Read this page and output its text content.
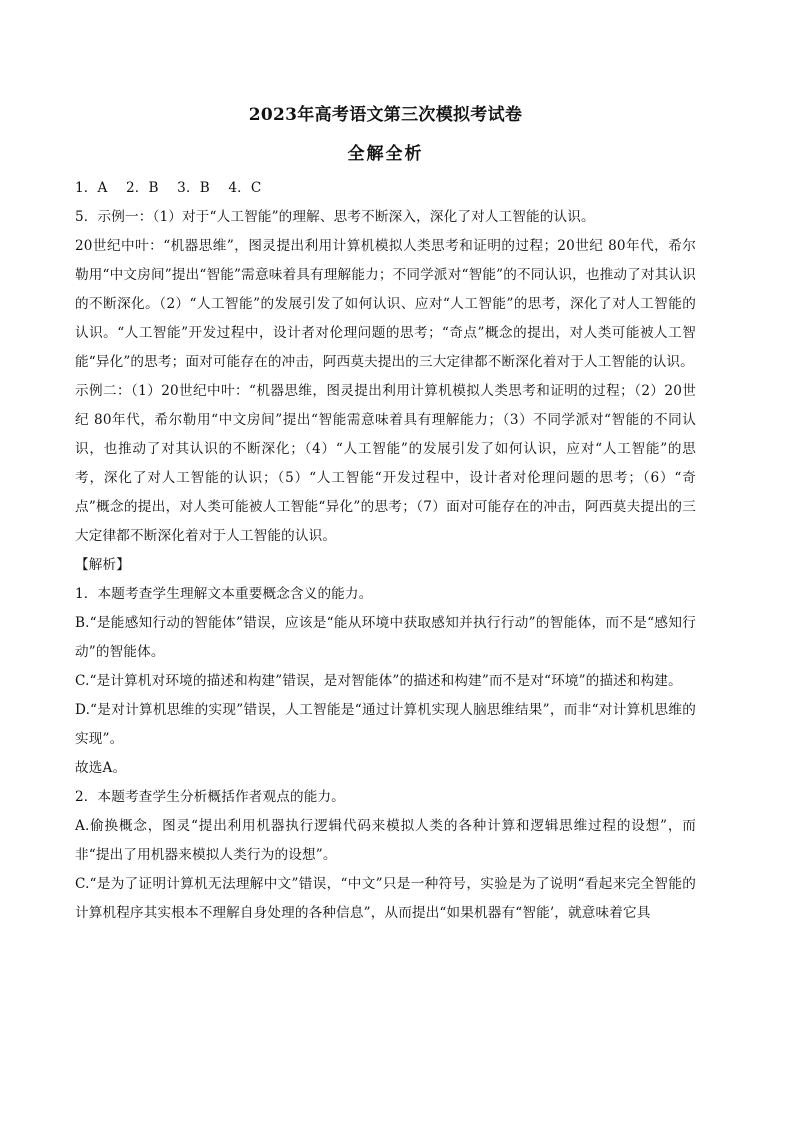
2023年高考语文第三次模拟考试卷
全解全析

1．A 2．B 3．B 4．C

5．示例一：（1）对于“人工智能”的理解、思考不断深入，深化了对人工智能的认识。

20世纪中叶：“机器思维”，图灵提出利用计算机模拟人类思考和证明的过程；20世纪 80年代，希尔勒用“中文房间”提出“智能”需意味着具有理解能力；不同学派对“智能”的不同认识，也推动了对其认识的不断深化。（2）“人工智能”的发展引发了如何认识、应对“人工智能”的思考，深化了对人工智能的认识。“人工智能”开发过程中，设计者对伦理问题的思考；“奇点”概念的提出，对人类可能被人工智能“异化”的思考；面对可能存在的冲击，阿西莫夫提出的三大定律都不断深化着对于人工智能的认识。

示例二：（1）20世纪中叶：“机器思维，图灵提出利用计算机模拟人类思考和证明的过程；（2）20世纪 80年代，希尔勒用“中文房间”提出“智能需意味着具有理解能力；（3）不同学派对“智能的不同认识，也推动了对其认识的不断深化；（4）“人工智能”的发展引发了如何认识，应对“人工智能”的思考，深化了对人工智能的认识；（5）“人工智能“开发过程中，设计者对伦理问题的思考；（6）“奇点”概念的提出，对人类可能被人工智能“异化”的思考；（7）面对可能存在的冲击，阿西莫夫提出的三大定律都不断深化着对于人工智能的认识。

【解析】

1．本题考查学生理解文本重要概念含义的能力。

B.“是能感知行动的智能体”错误，应该是“能从环境中获取感知并执行行动”的智能体，而不是“感知行动”的智能体。

C.“是计算机对环境的描述和构建”错误，是对智能体”的描述和构建”而不是对“环境”的描述和构建。

D.“是对计算机思维的实现”错误，人工智能是“通过计算机实现人脑思维结果”，而非“对计算机思维的实现”。

故选A。

2．本题考查学生分析概括作者观点的能力。

A.偷换概念，图灵“提出利用机器执行逻辑代码来模拟人类的各种计算和逻辑思维过程的设想”，而非“提出了用机器来模拟人类行为的设想”。

C.“是为了证明计算机无法理解中文”错误，“中文”只是一种符号，实验是为了说明“看起来完全智能的计算机程序其实根本不理解自身处理的各种信息”，从而提出“如果机器有“智能’，就意味着它具
